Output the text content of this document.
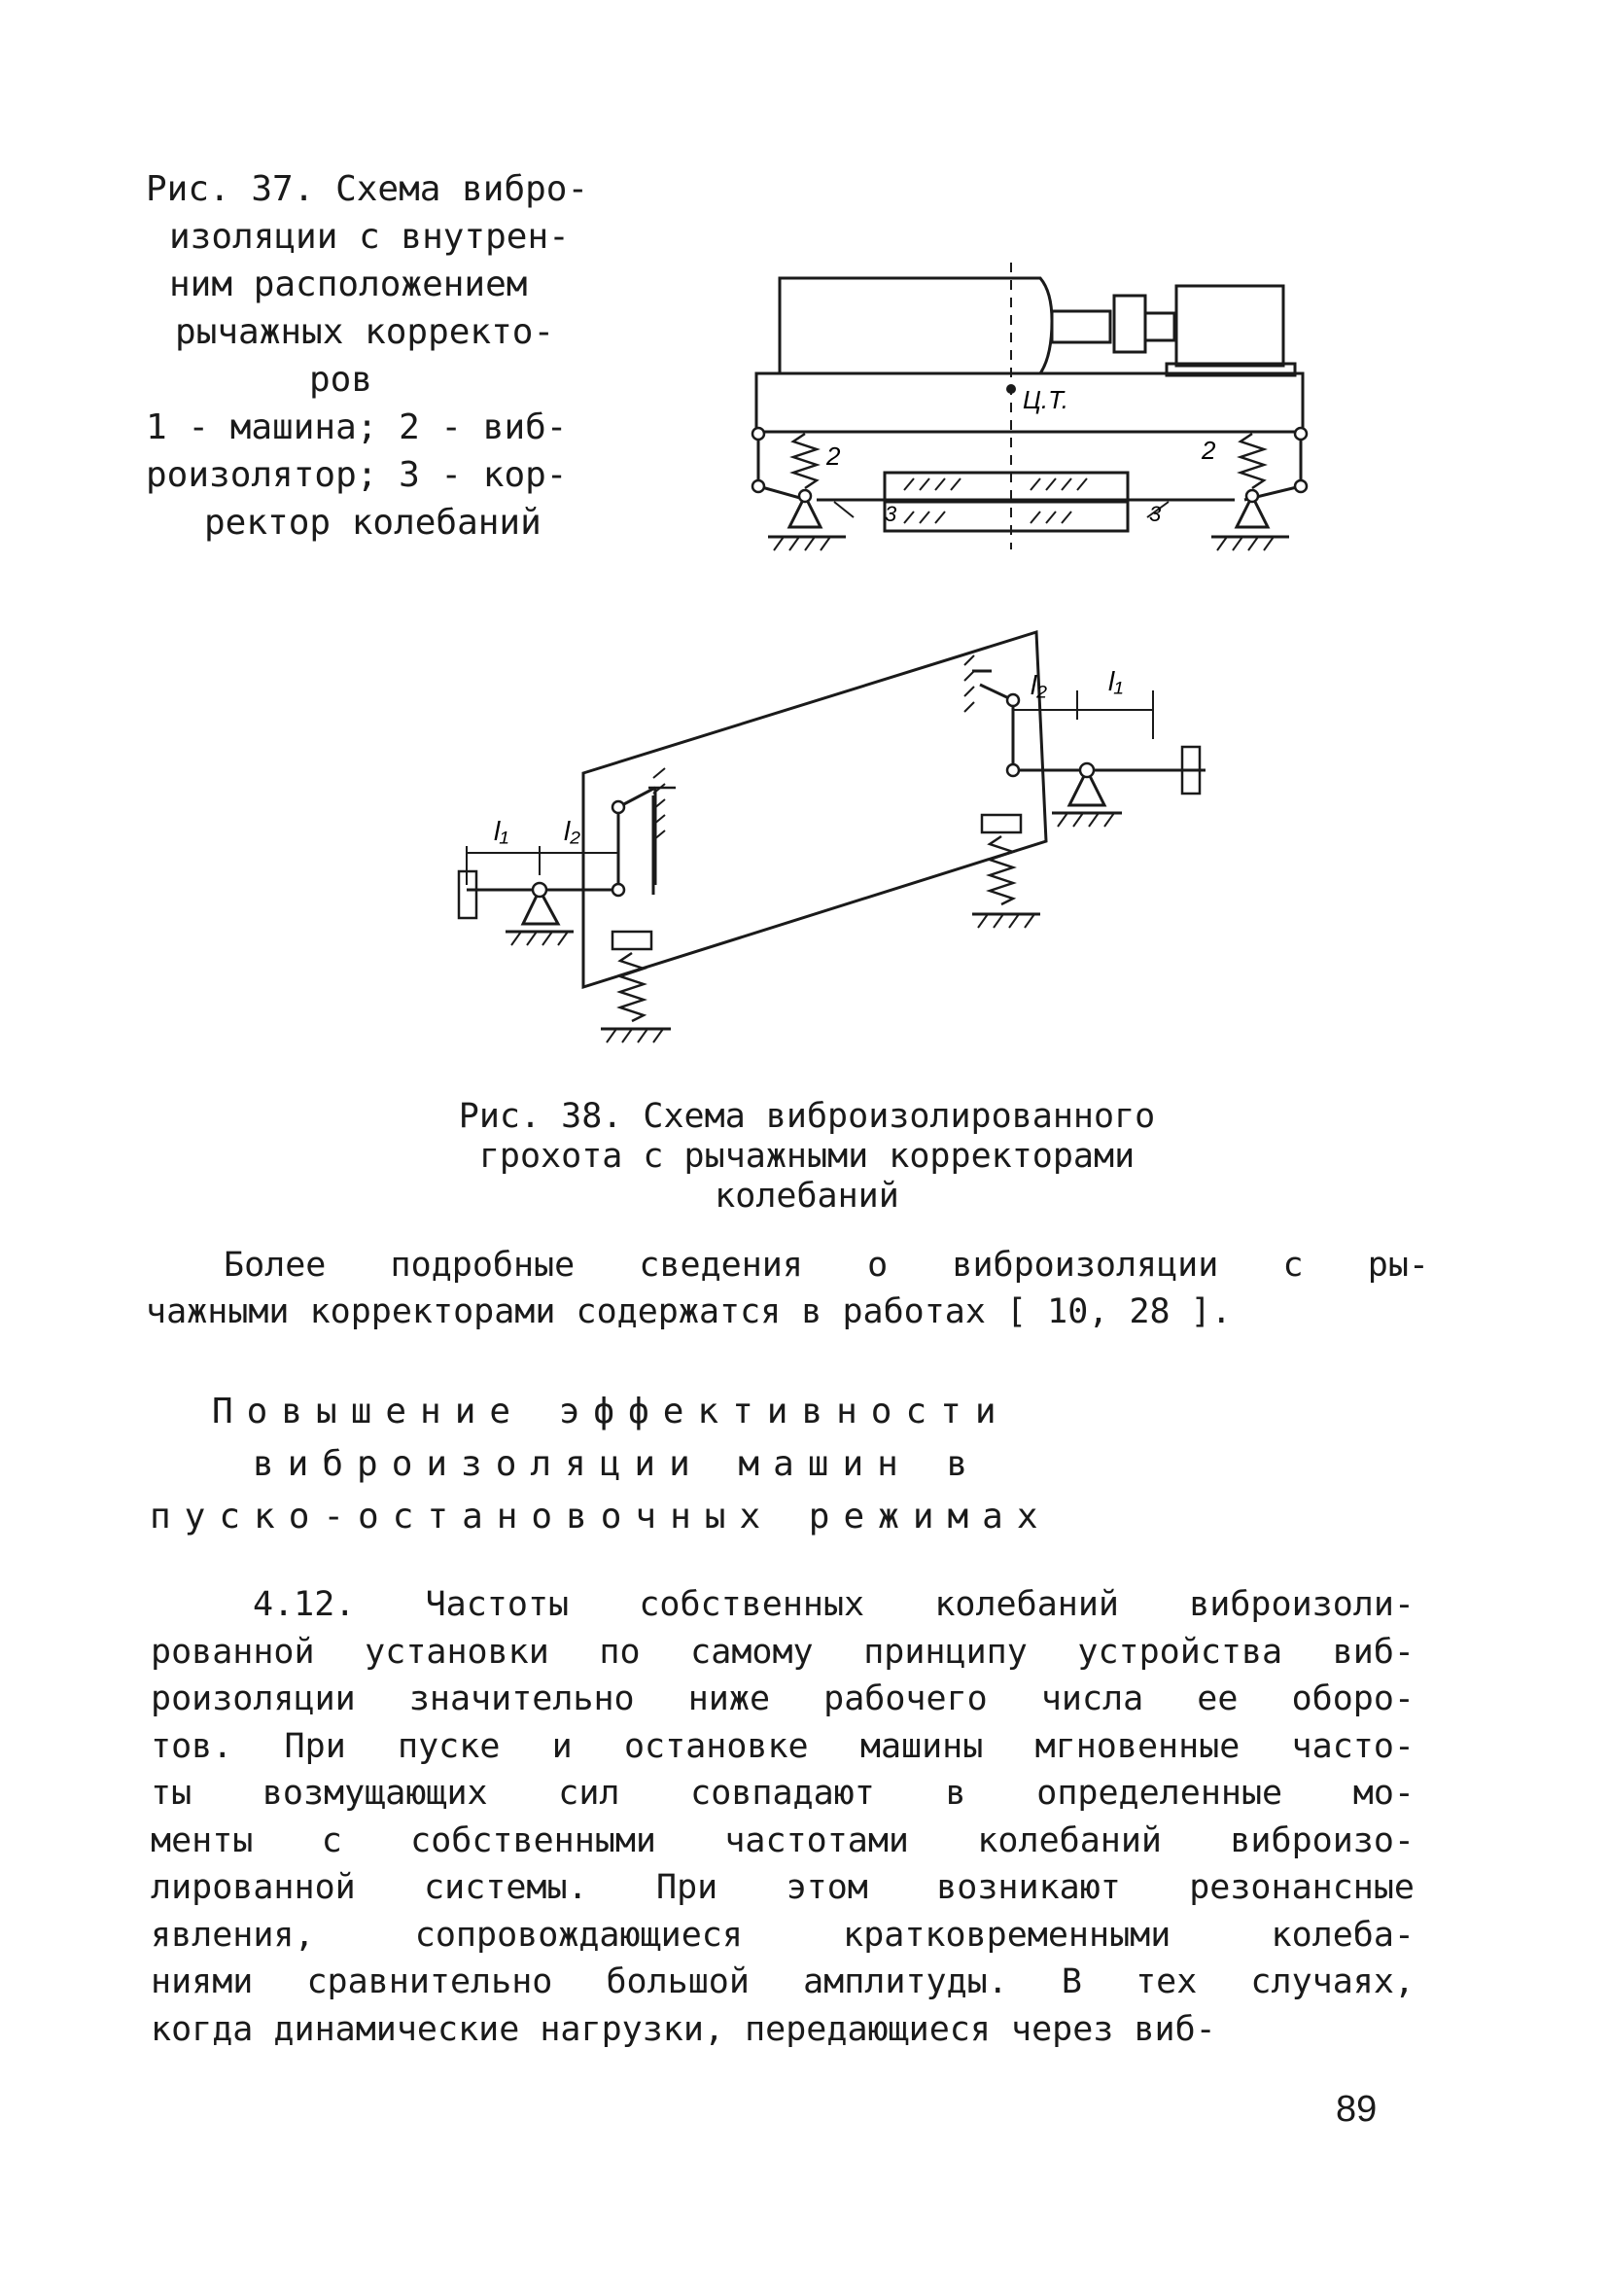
Рис. 37. Схема вибро-
изоляции с внутрен-
ним расположением
рычажных корректо-
ров
1 - машина; 2 - виб-
роизолятор; 3 - кор-
ректор колебаний
Ц.Т.
2	2
3	3
l₂ l₁
l₁ l₂
Рис. 38. Схема виброизолированного
грохота с рычажными корректорами
колебаний
Более подробные сведения о виброизоляции с ры-
чажными корректорами содержатся в работах [ 10, 28 ].
Повышение эффективности
виброизоляции машин в
пуско-остановочных режимах
4.12. Частоты собственных колебаний виброизоли-
рованной установки по самому принципу устройства виб-
роизоляции значительно ниже рабочего числа ее оборо-
тов. При пуске и остановке машины мгновенные часто-
ты возмущающих сил совпадают в определенные мо-
менты с собственными частотами колебаний виброизо-
лированной системы. При этом возникают резонансные
явления, сопровождающиеся кратковременными колеба-
ниями сравнительно большой амплитуды. В тех случаях,
когда динамические нагрузки, передающиеся через виб-
89
